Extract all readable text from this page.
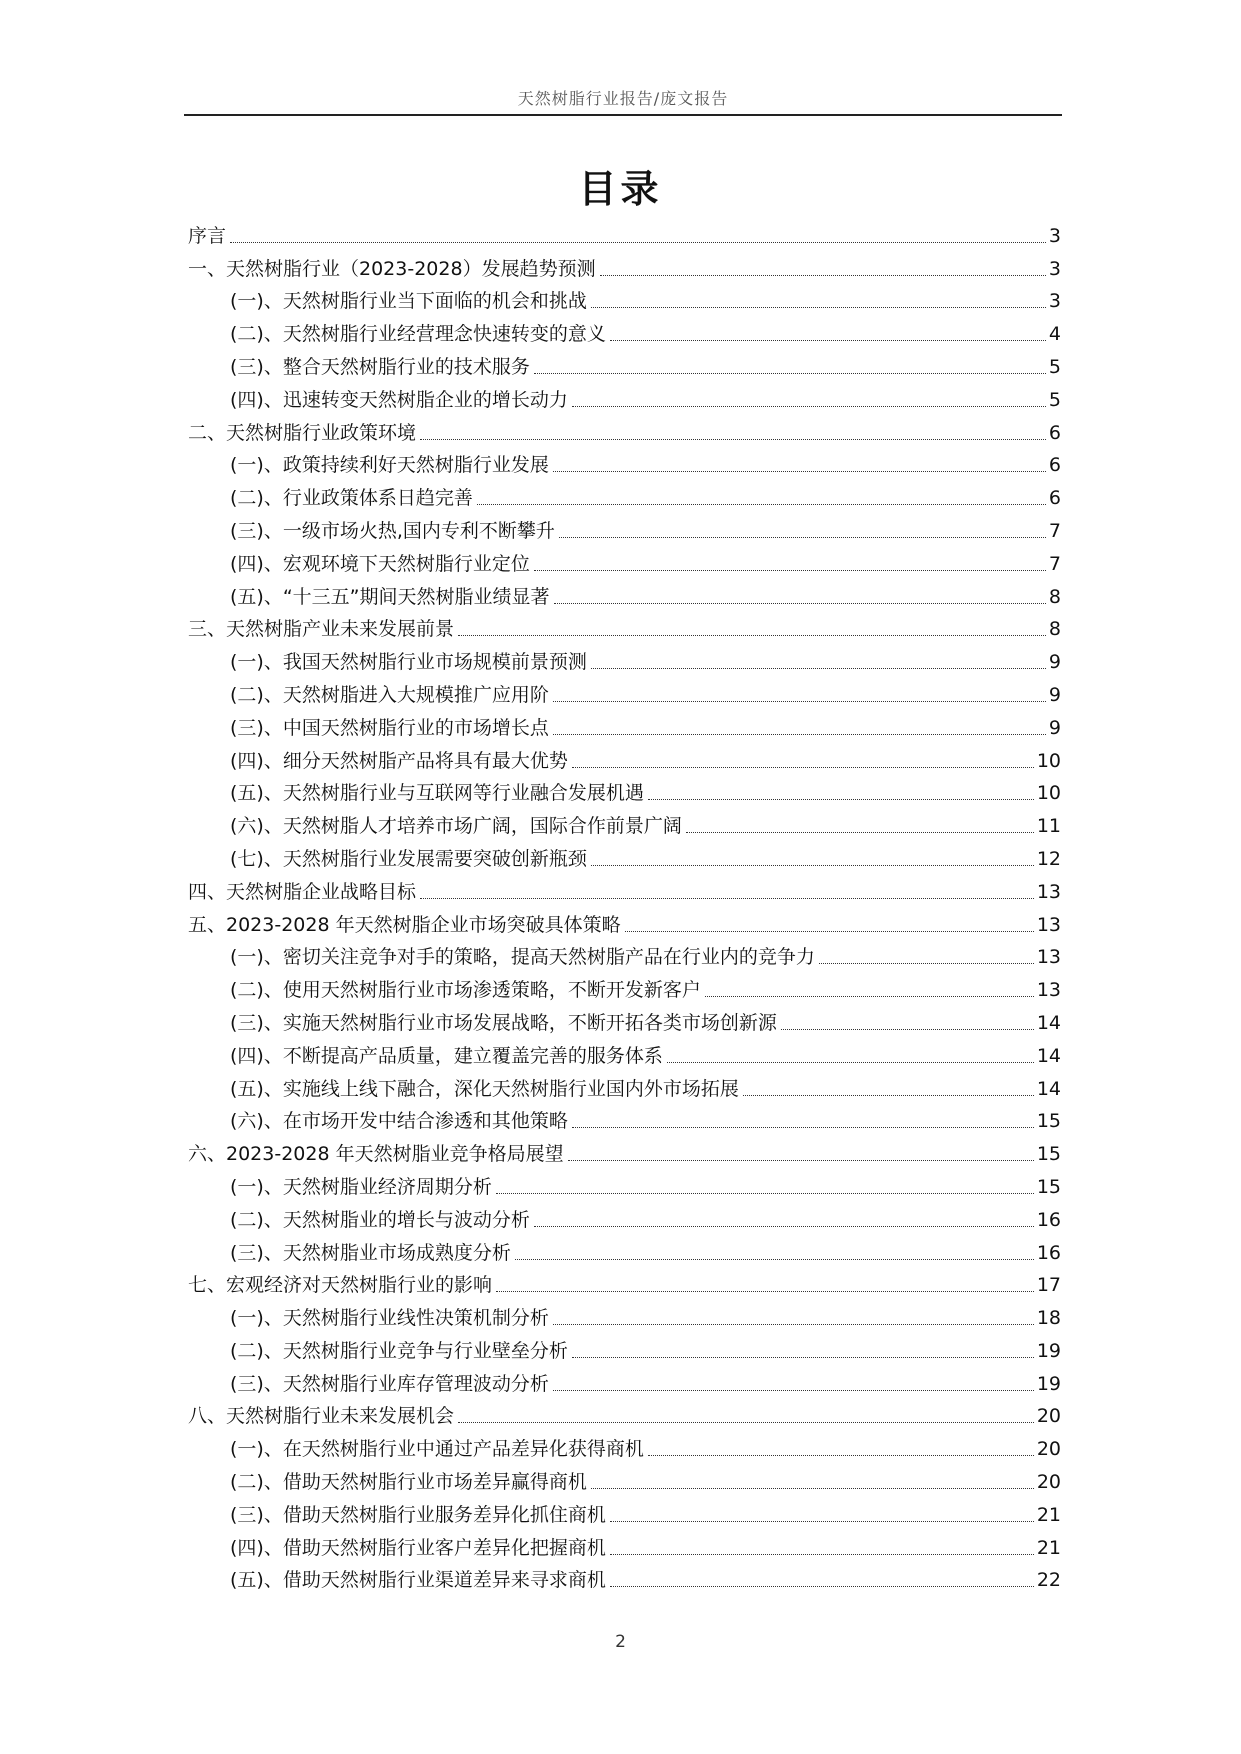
天然树脂行业报告/庞文报告
目录
序言	3
一、天然树脂行业（2023-2028）发展趋势预测	3
(一)、天然树脂行业当下面临的机会和挑战	3
(二)、天然树脂行业经营理念快速转变的意义	4
(三)、整合天然树脂行业的技术服务	5
(四)、迅速转变天然树脂企业的增长动力	5
二、天然树脂行业政策环境	6
(一)、政策持续利好天然树脂行业发展	6
(二)、行业政策体系日趋完善	6
(三)、一级市场火热,国内专利不断攀升	7
(四)、宏观环境下天然树脂行业定位	7
(五)、“十三五”期间天然树脂业绩显著	8
三、天然树脂产业未来发展前景	8
(一)、我国天然树脂行业市场规模前景预测	9
(二)、天然树脂进入大规模推广应用阶	9
(三)、中国天然树脂行业的市场增长点	9
(四)、细分天然树脂产品将具有最大优势	10
(五)、天然树脂行业与互联网等行业融合发展机遇	10
(六)、天然树脂人才培养市场广阔，国际合作前景广阔	11
(七)、天然树脂行业发展需要突破创新瓶颈	12
四、天然树脂企业战略目标	13
五、2023-2028 年天然树脂企业市场突破具体策略	13
(一)、密切关注竞争对手的策略，提高天然树脂产品在行业内的竞争力	13
(二)、使用天然树脂行业市场渗透策略，不断开发新客户	13
(三)、实施天然树脂行业市场发展战略，不断开拓各类市场创新源	14
(四)、不断提高产品质量，建立覆盖完善的服务体系	14
(五)、实施线上线下融合，深化天然树脂行业国内外市场拓展	14
(六)、在市场开发中结合渗透和其他策略	15
六、2023-2028 年天然树脂业竞争格局展望	15
(一)、天然树脂业经济周期分析	15
(二)、天然树脂业的增长与波动分析	16
(三)、天然树脂业市场成熟度分析	16
七、宏观经济对天然树脂行业的影响	17
(一)、天然树脂行业线性决策机制分析	18
(二)、天然树脂行业竞争与行业壁垒分析	19
(三)、天然树脂行业库存管理波动分析	19
八、天然树脂行业未来发展机会	20
(一)、在天然树脂行业中通过产品差异化获得商机	20
(二)、借助天然树脂行业市场差异赢得商机	20
(三)、借助天然树脂行业服务差异化抓住商机	21
(四)、借助天然树脂行业客户差异化把握商机	21
(五)、借助天然树脂行业渠道差异来寻求商机	22
2
